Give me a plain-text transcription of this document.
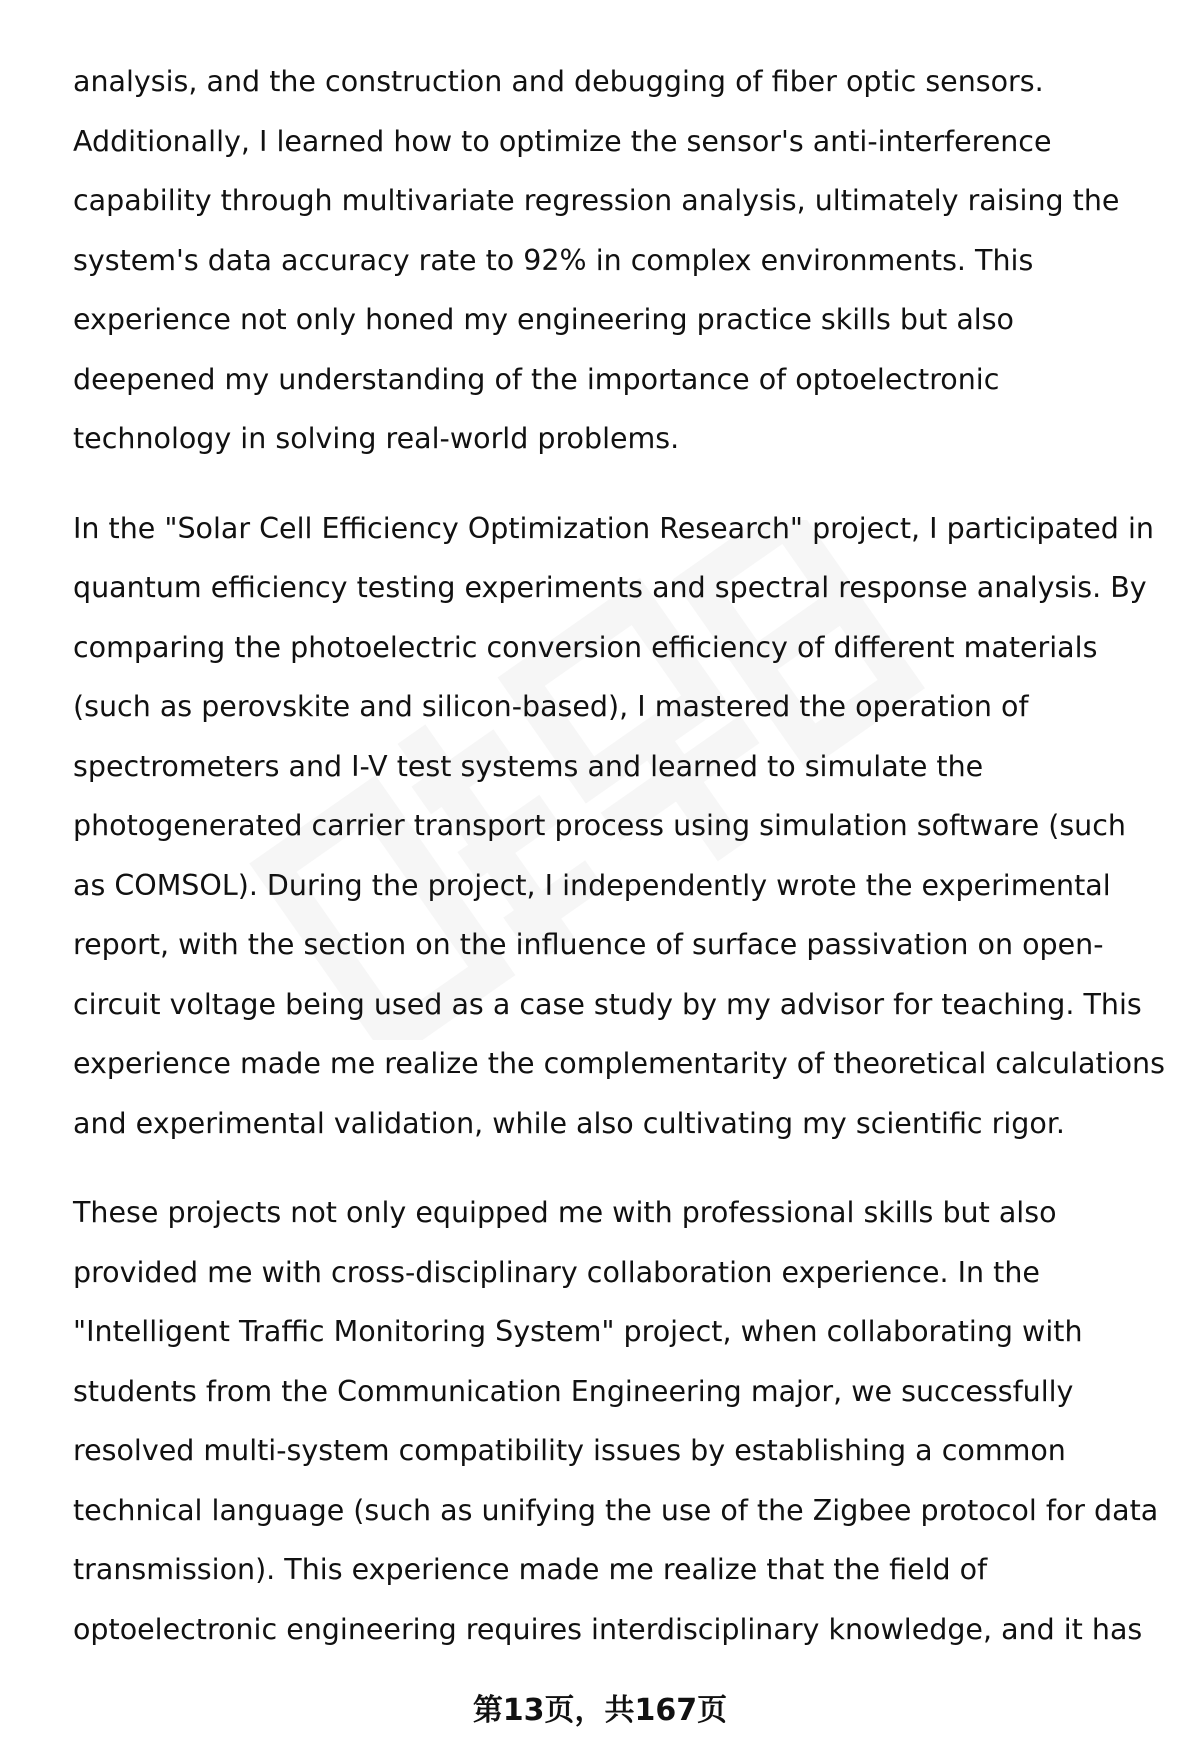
analysis, and the construction and debugging of fiber optic sensors.
Additionally, I learned how to optimize the sensor's anti-interference
capability through multivariate regression analysis, ultimately raising the
system's data accuracy rate to 92% in complex environments. This
experience not only honed my engineering practice skills but also
deepened my understanding of the importance of optoelectronic
technology in solving real-world problems.

In the "Solar Cell Efficiency Optimization Research" project, I participated in
quantum efficiency testing experiments and spectral response analysis. By
comparing the photoelectric conversion efficiency of different materials
(such as perovskite and silicon-based), I mastered the operation of
spectrometers and I-V test systems and learned to simulate the
photogenerated carrier transport process using simulation software (such
as COMSOL). During the project, I independently wrote the experimental
report, with the section on the influence of surface passivation on open-
circuit voltage being used as a case study by my advisor for teaching. This
experience made me realize the complementarity of theoretical calculations
and experimental validation, while also cultivating my scientific rigor.

These projects not only equipped me with professional skills but also
provided me with cross-disciplinary collaboration experience. In the
"Intelligent Traffic Monitoring System" project, when collaborating with
students from the Communication Engineering major, we successfully
resolved multi-system compatibility issues by establishing a common
technical language (such as unifying the use of the Zigbee protocol for data
transmission). This experience made me realize that the field of
optoelectronic engineering requires interdisciplinary knowledge, and it has

第13页，共167页
